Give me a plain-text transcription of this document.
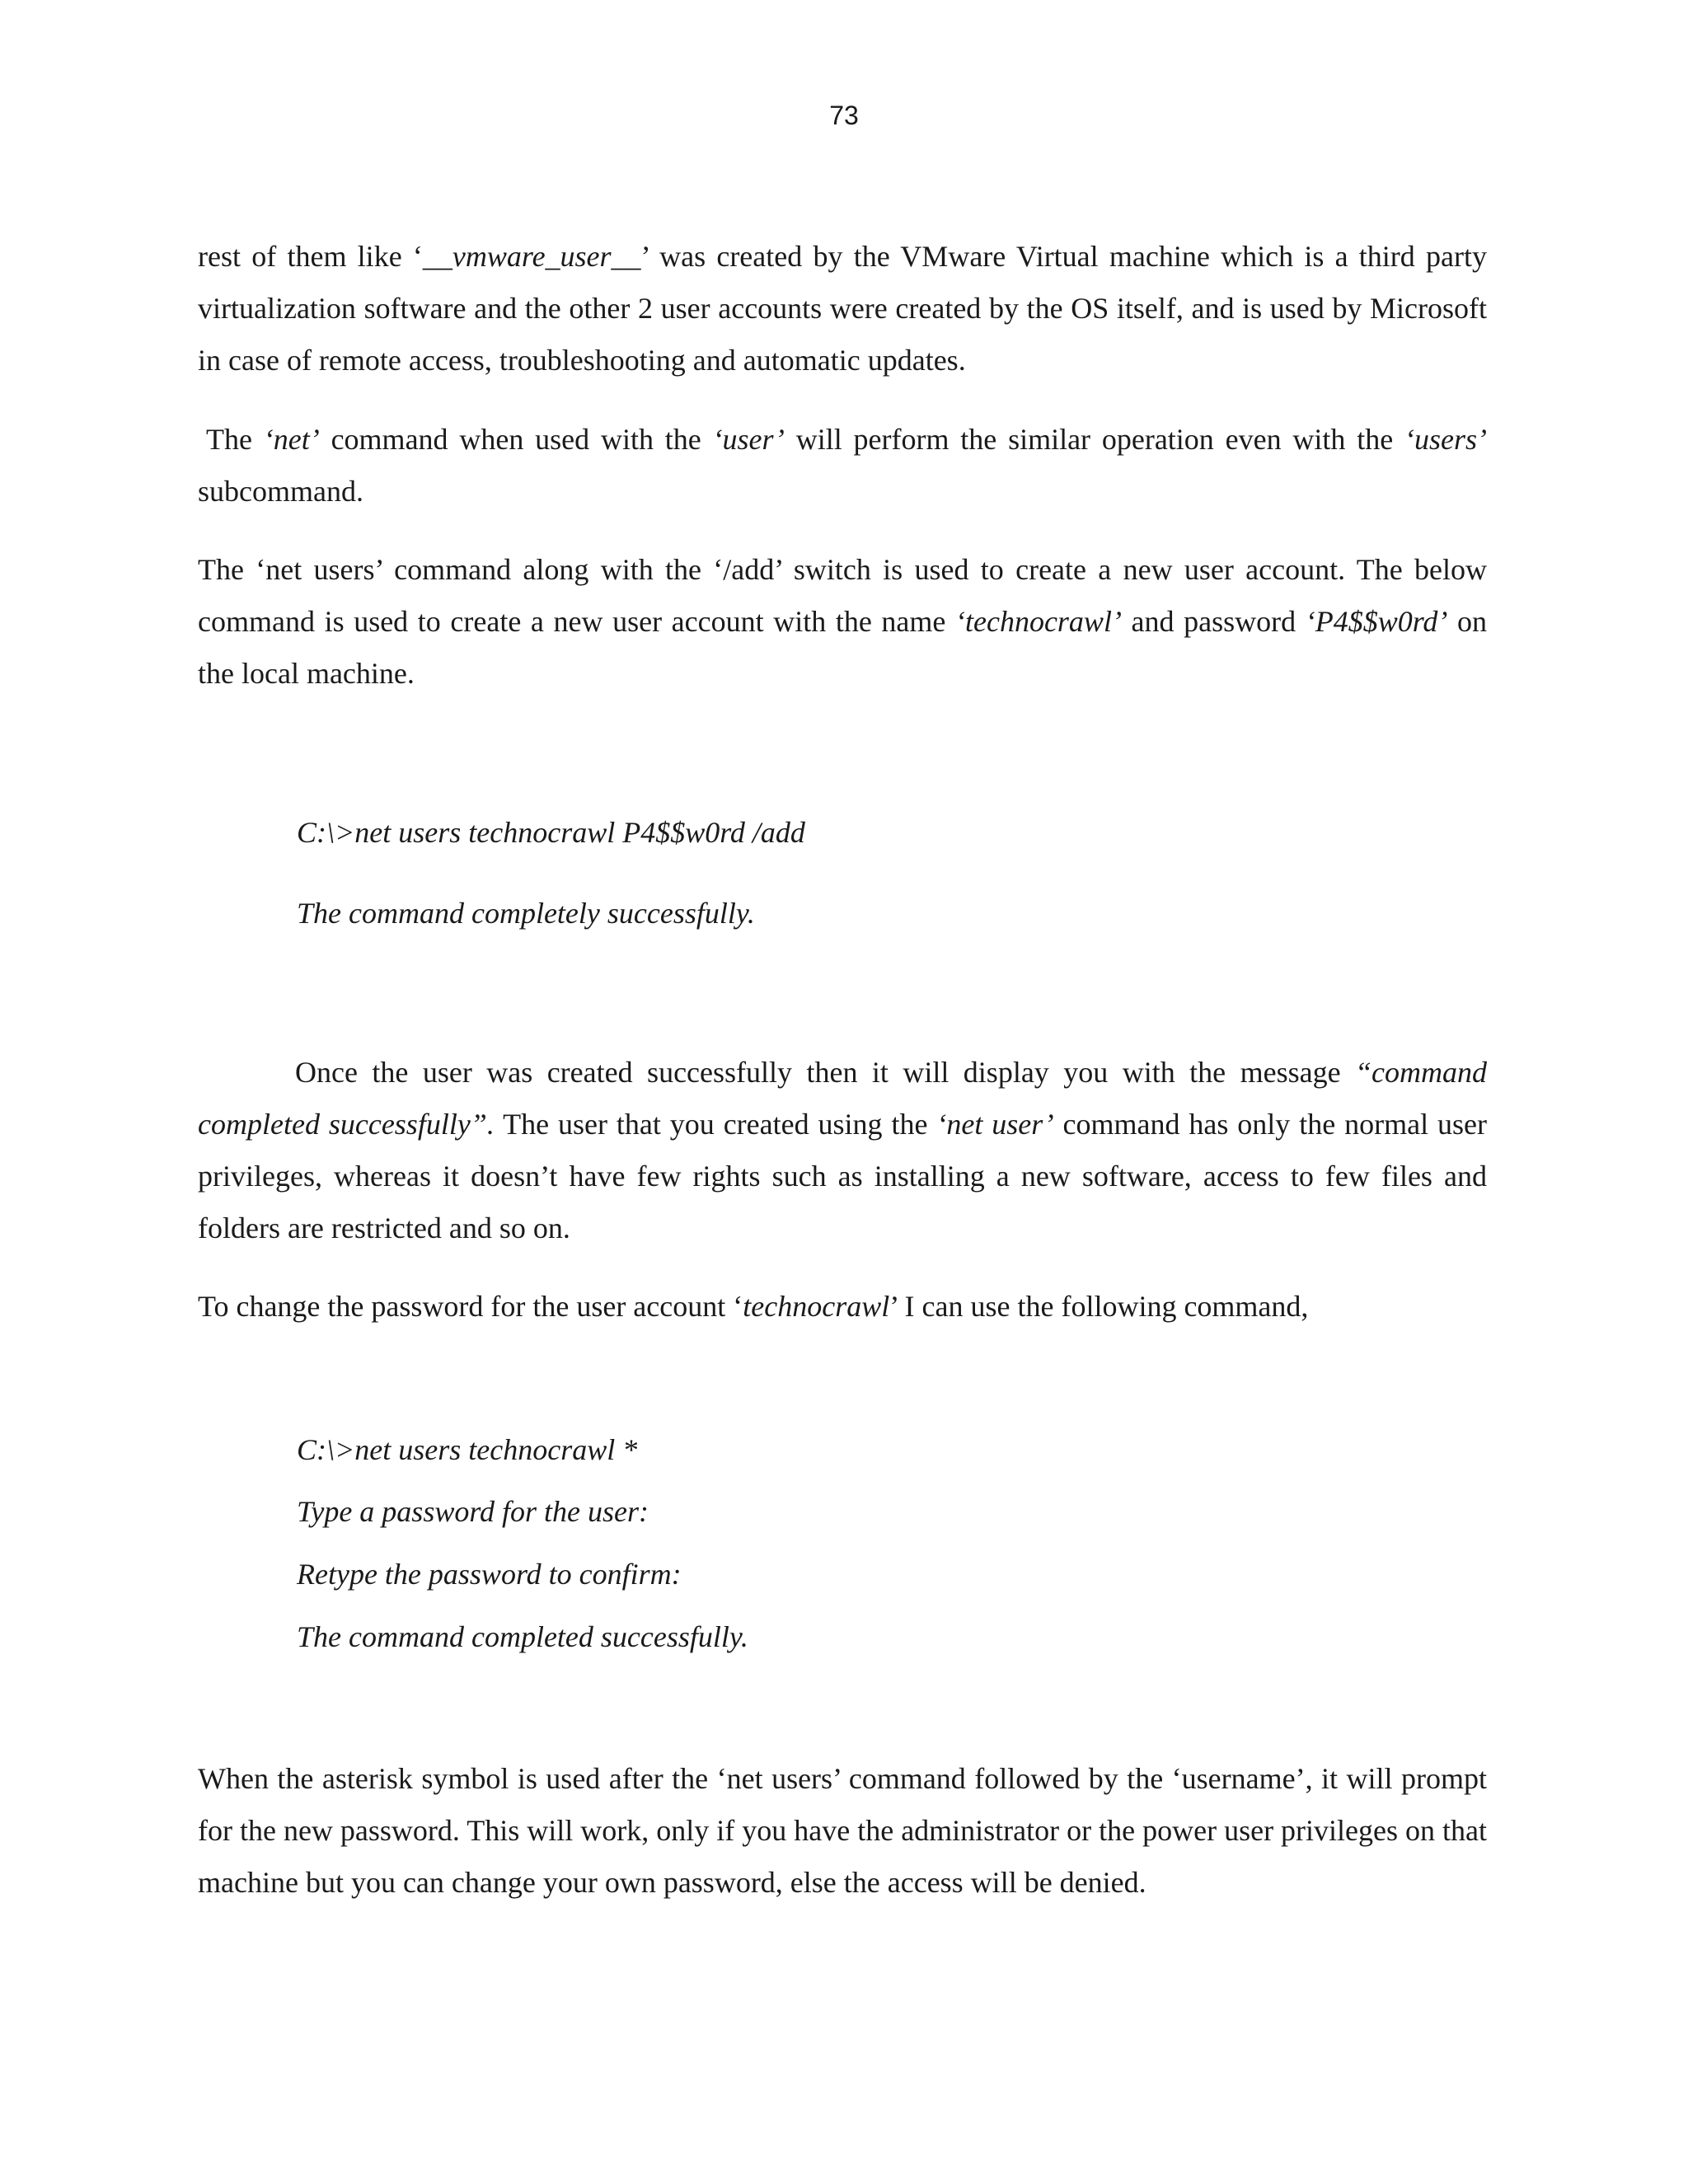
73

rest of them like ‘__vmware_user__’ was created by the VMware Virtual machine which is a third party virtualization software and the other 2 user accounts were created by the OS itself, and is used by Microsoft in case of remote access, troubleshooting and automatic updates.

The ‘net’ command when used with the ‘user’ will perform the similar operation even with the ‘users’ subcommand.

The ‘net users’ command along with the ‘/add’ switch is used to create a new user account. The below command is used to create a new user account with the name ‘technocrawl’ and password ‘P4$$w0rd’ on the local machine.

C:\>net users technocrawl P4$$w0rd /add

The command completely successfully.

Once the user was created successfully then it will display you with the message “command completed successfully”. The user that you created using the ‘net user’ command has only the normal user privileges, whereas it doesn’t have few rights such as installing a new software, access to few files and folders are restricted and so on.

To change the password for the user account ‘technocrawl’ I can use the following command,

C:\>net users technocrawl *

Type a password for the user:

Retype the password to confirm:

The command completed successfully.

When the asterisk symbol is used after the ‘net users’ command followed by the ‘username’, it will prompt for the new password. This will work, only if you have the administrator or the power user privileges on that machine but you can change your own password, else the access will be denied.
